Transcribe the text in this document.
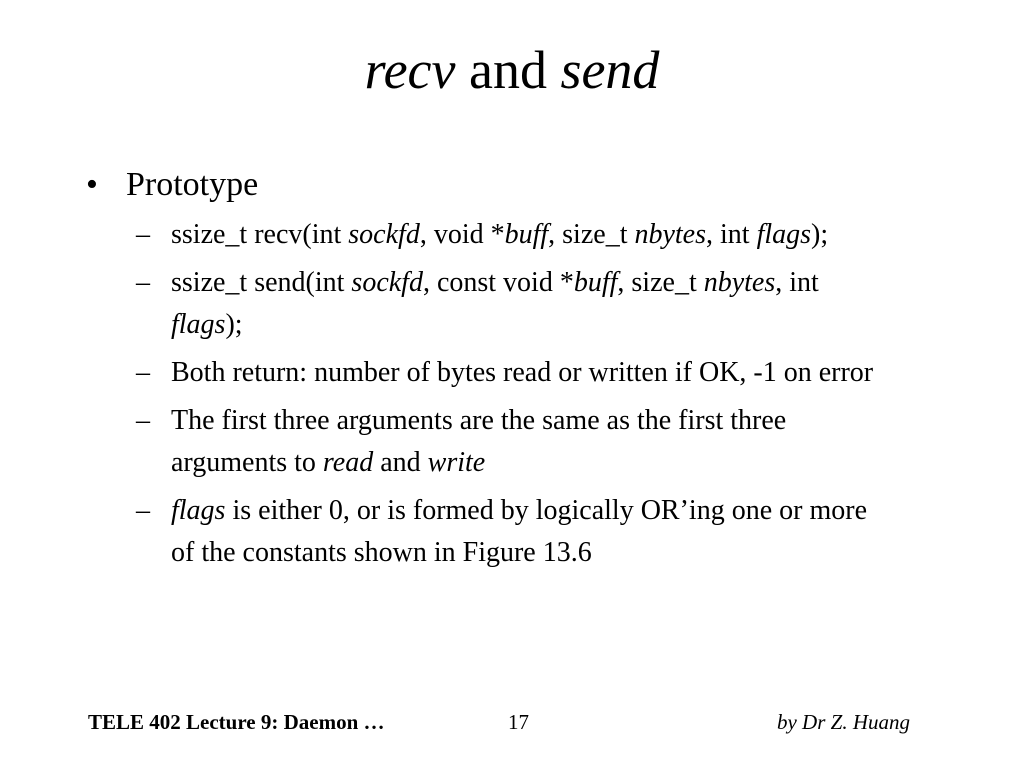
recv and send
• Prototype
– ssize_t recv(int sockfd, void *buff, size_t nbytes, int flags);
– ssize_t send(int sockfd, const void *buff, size_t nbytes, int flags);
– Both return: number of bytes read or written if OK, -1 on error
– The first three arguments are the same as the first three arguments to read and write
– flags is either 0, or is formed by logically OR’ing one or more of the constants shown in Figure 13.6
TELE 402 Lecture 9: Daemon …	17	by Dr Z. Huang
